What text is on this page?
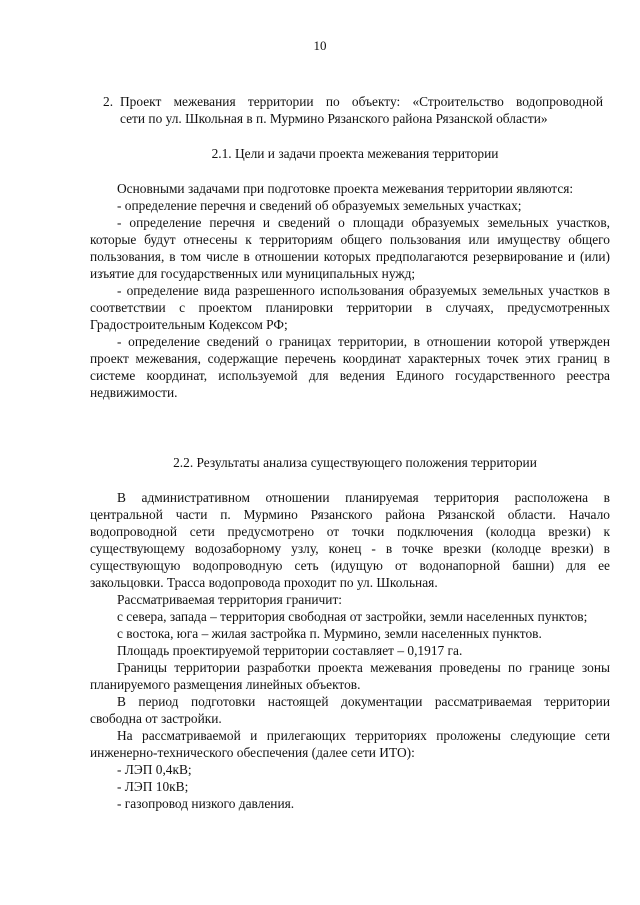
10
2. Проект межевания территории по объекту: «Строительство водопроводной
сети по ул. Школьная в п. Мурмино Рязанского района Рязанской области»
2.1. Цели и задачи проекта межевания территории

Основными задачами при подготовке проекта межевания территории являются:

- определение перечня и сведений об образуемых земельных участках;

- определение перечня и сведений о площади образуемых земельных участков, которые будут отнесены к территориям общего пользования или имуществу общего пользования, в том числе в отношении которых предполагаются резервирование и (или) изъятие для государственных или муниципальных нужд;

- определение вида разрешенного использования образуемых земельных участков в соответствии с проектом планировки территории в случаях, предусмотренных Градостроительным Кодексом РФ;

- определение сведений о границах территории, в отношении которой утвержден проект межевания, содержащие перечень координат характерных точек этих границ в системе координат, используемой для ведения Единого государственного реестра недвижимости.

2.2. Результаты анализа существующего положения территории

В административном отношении планируемая территория расположена в центральной части п. Мурмино Рязанского района Рязанской области. Начало водопроводной сети предусмотрено от точки подключения (колодца врезки) к существующему водозаборному узлу, конец - в точке врезки (колодце врезки) в существующую водопроводную сеть (идущую от водонапорной башни) для ее закольцовки. Трасса водопровода проходит по ул. Школьная.

Рассматриваемая территория граничит:

с севера, запада – территория свободная от застройки, земли населенных пунктов;

с востока, юга – жилая застройка п. Мурмино, земли населенных пунктов.

Площадь проектируемой территории составляет – 0,1917 га.

Границы территории разработки проекта межевания проведены по границе зоны планируемого размещения линейных объектов.

В период подготовки настоящей документации рассматриваемая территории свободна от застройки.

На рассматриваемой и прилегающих территориях проложены следующие сети инженерно-технического обеспечения (далее сети ИТО):

- ЛЭП 0,4кВ;

- ЛЭП 10кВ;

- газопровод низкого давления.
